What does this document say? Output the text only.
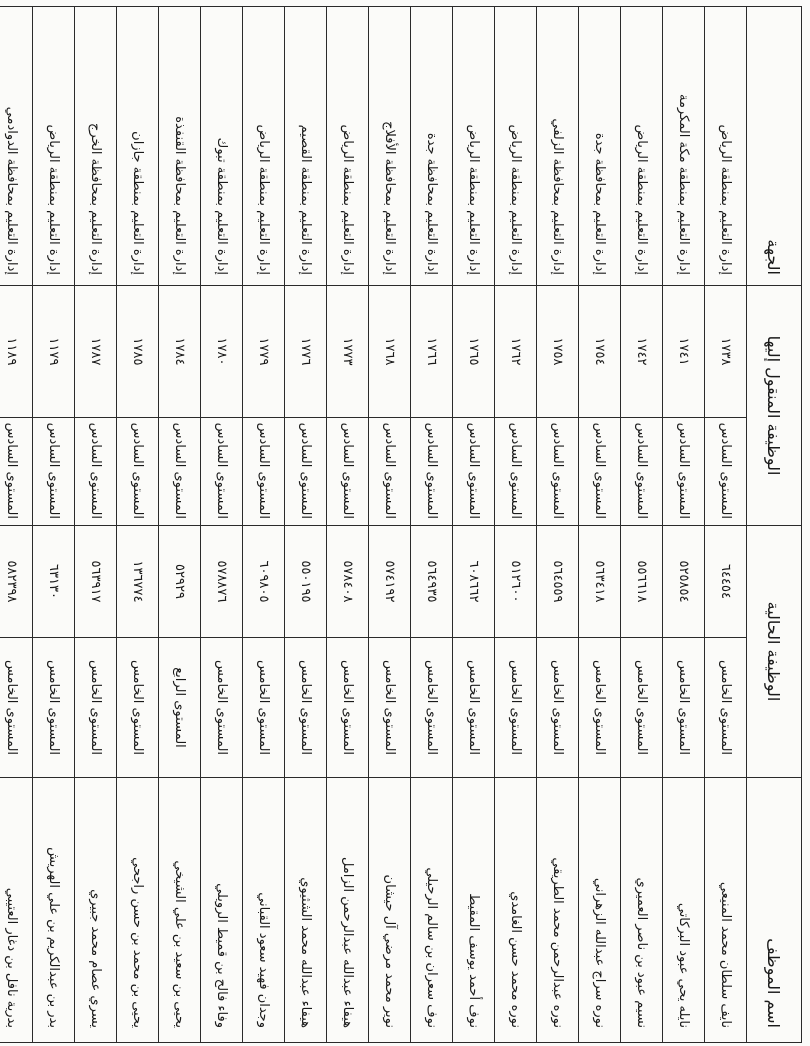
اسم الموظف	الوظيفة الحالية		الوظيفة المنقول إليها		الجهة
نايف سلطان محمد المنيعي	المستوى الخامس	٦٤٤٥٤	المستوى السادس	١٧٣٨	إدارة التعليم بمنطقة الرياض
نايله يحي عبود البركاتي	المستوى الخامس	٥٢٥٨٥٤	المستوى السادس	١٧٤١	إدارة التعليم بمنطقة مكة المكرمة
نسيم عبود بن ناصر العميري	المستوى الخامس	٥٥٦٦١٨	المستوى السادس	١٧٤٢	إدارة التعليم بمنطقة الرياض
نوره سراج عبدالله الزهراني	المستوى الخامس	٥٦٣٤١٨	المستوى السادس	١٧٥٤	إدارة التعليم بمحافظة جدة
نوره عبدالرحمن محمد الطريقي	المستوى الخامس	٥٦٤٥٥٩	المستوى السادس	١٧٥٨	إدارة التعليم بمحافظة الزلفي
نوره محمد حسن الغامدي	المستوى الخامس	٥١٢٦٠٠	المستوى السادس	١٧٦٢	إدارة التعليم بمنطقة الرياض
نوف أحمد يوسف المقيط	المستوى الخامس	٦٠٨٦٦٢	المستوى السادس	١٧٦٥	إدارة التعليم بمنطقة الرياض
نوف سعران بن سالم الرحيلي	المستوى الخامس	٥٦٤٩٣٥	المستوى السادس	١٧٦٦	إدارة التعليم بمحافظة جدة
نوير محمد مرضي آل حيشان	المستوى الخامس	٥٧٤١٩٢	المستوى السادس	١٧٦٨	إدارة التعليم بمحافظة الأفلاج
هيفاء عبدالله عبدالرحمن الزامل	المستوى الخامس	٥٧٨٤٠٨	المستوى السادس	١٧٧٣	إدارة التعليم بمنطقة الرياض
هيفاء عبدالله محمد الشثيوي	المستوى الخامس	٥٥٠١٩٥	المستوى السادس	١٧٧٦	إدارة التعليم بمنطقة القصيم
وجدان فهيد سعود القباني	المستوى الخامس	٦٠٩٨٠٥	المستوى السادس	١٧٧٩	إدارة التعليم بمنطقة الرياض
وفاء فالح بن قميط الرويلي	المستوى الخامس	٥٧٨٨٧٦	المستوى السادس	١٧٨٠	إدارة التعليم بمنطقة تبوك
يحيى بن سعيد بن علي الشيخي	المستوى الرابع	٥٢٩٢٩	المستوى السادس	١٧٨٤	إدارة التعليم بمحافظة القنفذة
يحيى بن محمد بن حسن راجحي	المستوى الخامس	١٣٦٧٧٤	المستوى السادس	١٧٨٥	إدارة التعليم بمنطقة جازان
يسري عصام محمد جبيري	المستوى الخامس	٥٦٣٩١٧	المستوى السادس	١٧٨٧	إدارة التعليم بمحافظة الخرج
بدر بن عبدالكريم بن علي الهريش	المستوى الخامس	٦٣١٣٠	المستوى السادس	١١٧٩	إدارة التعليم بمنطقة الرياض
بدرية نافل بن دغار العتيبي	المستوى الخامس	٥٨٢٣٩٨	المستوى السادس	١١٨٩	إدارة التعليم بمحافظة الدوادمي
